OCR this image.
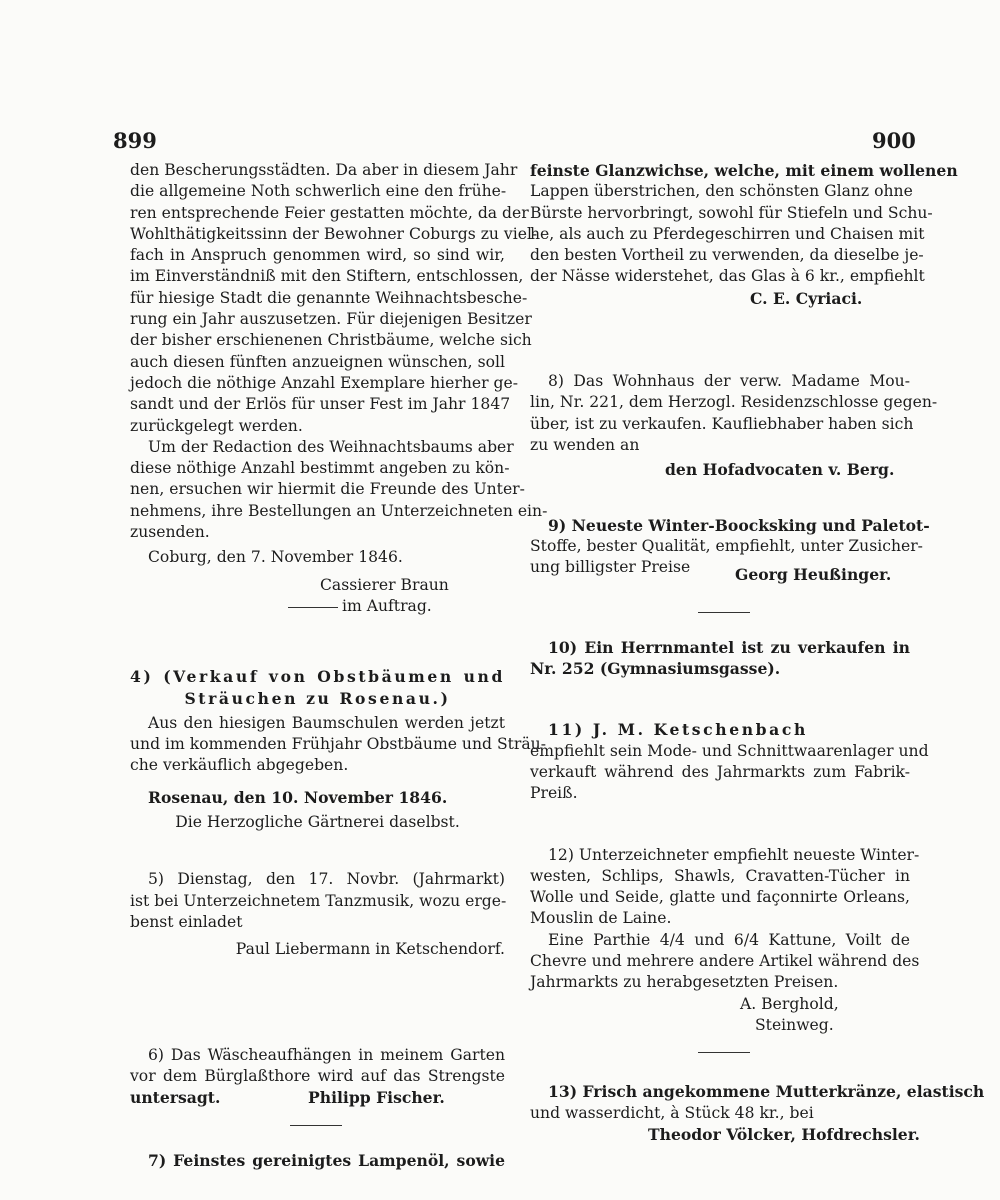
899	900

den Bescherungsstädten. Da aber in diesem Jahr

die allgemeine Noth schwerlich eine den frühe-

ren entsprechende Feier gestatten möchte, da der

Wohlthätigkeitssinn der Bewohner Coburgs zu viel-

fach in Anspruch genommen wird, so sind wir,

im Einverständniß mit den Stiftern, entschlossen,

für hiesige Stadt die genannte Weihnachtsbesche-

rung ein Jahr auszusetzen. Für diejenigen Besitzer

der bisher erschienenen Christbäume, welche sich

auch diesen fünften anzueignen wünschen, soll

jedoch die nöthige Anzahl Exemplare hierher ge-

sandt und der Erlös für unser Fest im Jahr 1847

zurückgelegt werden.

Um der Redaction des Weihnachtsbaums aber

diese nöthige Anzahl bestimmt angeben zu kön-

nen, ersuchen wir hiermit die Freunde des Unter-

nehmens, ihre Bestellungen an Unterzeichneten ein-

zusenden.

Coburg, den 7. November 1846.

Cassierer Braun

im Auftrag.

4) (Verkauf von Obstbäumen und

Sträuchen zu Rosenau.)

Aus den hiesigen Baumschulen werden jetzt

und im kommenden Frühjahr Obstbäume und Sträu-

che verkäuflich abgegeben.

Rosenau, den 10. November 1846.

Die Herzogliche Gärtnerei daselbst.

5) Dienstag, den 17. Novbr. (Jahrmarkt)

ist bei Unterzeichnetem Tanzmusik, wozu erge-

benst einladet

Paul Liebermann in Ketschendorf.

6) Das Wäscheaufhängen in meinem Garten

vor dem Bürglaßthore wird auf das Strengste

untersagt.	Philipp Fischer.

7) Feinstes gereinigtes Lampenöl, sowie

feinste Glanzwichse, welche, mit einem wollenen

Lappen überstrichen, den schönsten Glanz ohne

Bürste hervorbringt, sowohl für Stiefeln und Schu-

he, als auch zu Pferdegeschirren und Chaisen mit

den besten Vortheil zu verwenden, da dieselbe je-

der Nässe widerstehet, das Glas à 6 kr., empfiehlt

C. E. Cyriaci.

8) Das Wohnhaus der verw. Madame Mou-

lin, Nr. 221, dem Herzogl. Residenzschlosse gegen-

über, ist zu verkaufen. Kaufliebhaber haben sich

zu wenden an

den Hofadvocaten v. Berg.

9) Neueste Winter-Boocksking und Paletot-

Stoffe, bester Qualität, empfiehlt, unter Zusicher-

ung billigster Preise	Georg Heußinger.

10) Ein Herrnmantel ist zu verkaufen in

Nr. 252 (Gymnasiumsgasse).

11) J. M. Ketschenbach

empfiehlt sein Mode- und Schnittwaarenlager und

verkauft während des Jahrmarkts zum Fabrik-

Preiß.

12) Unterzeichneter empfiehlt neueste Winter-

westen, Schlips, Shawls, Cravatten-Tücher in

Wolle und Seide, glatte und façonnirte Orleans,

Mouslin de Laine.

Eine Parthie 4/4 und 6/4 Kattune, Voilt de

Chevre und mehrere andere Artikel während des

Jahrmarkts zu herabgesetzten Preisen.

A. Berghold,

Steinweg.

13) Frisch angekommene Mutterkränze, elastisch

und wasserdicht, à Stück 48 kr., bei

Theodor Völcker, Hofdrechsler.
